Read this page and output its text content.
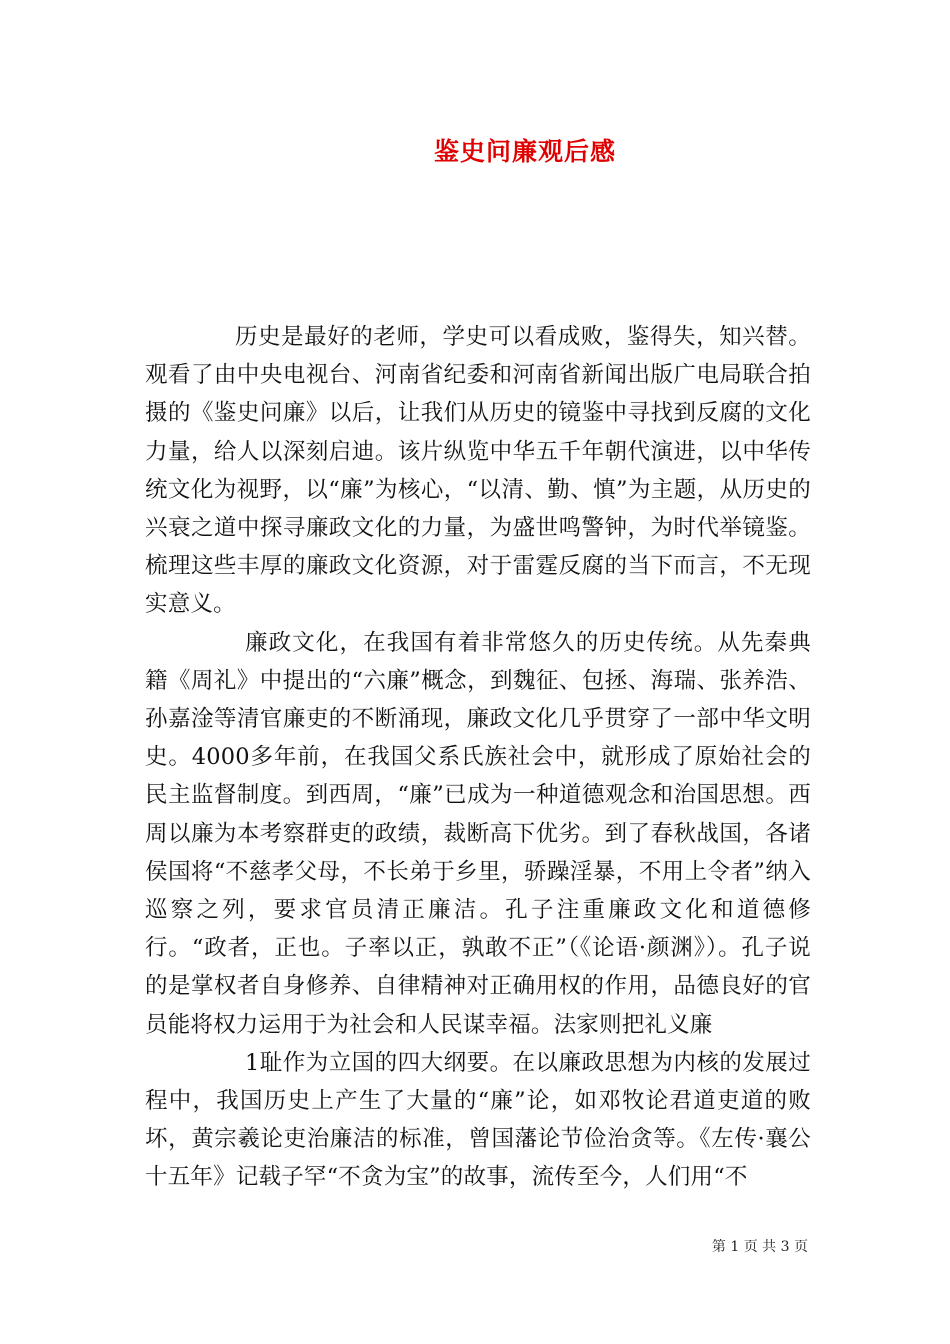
鉴史问廉观后感

历史是最好的老师，学史可以看成败，鉴得失，知兴替。观看了由中央电视台、河南省纪委和河南省新闻出版广电局联合拍摄的《鉴史问廉》以后，让我们从历史的镜鉴中寻找到反腐的文化力量，给人以深刻启迪。该片纵览中华五千年朝代演进，以中华传统文化为视野，以“廉”为核心，“以清、勤、慎”为主题，从历史的兴衰之道中探寻廉政文化的力量，为盛世鸣警钟，为时代举镜鉴。梳理这些丰厚的廉政文化资源，对于雷霆反腐的当下而言，不无现实意义。

廉政文化，在我国有着非常悠久的历史传统。从先秦典籍《周礼》中提出的“六廉”概念，到魏征、包拯、海瑞、张养浩、孙嘉淦等清官廉吏的不断涌现，廉政文化几乎贯穿了一部中华文明史。4000多年前，在我国父系氏族社会中，就形成了原始社会的民主监督制度。到西周，“廉”已成为一种道德观念和治国思想。西周以廉为本考察群吏的政绩，裁断高下优劣。到了春秋战国，各诸侯国将“不慈孝父母，不长弟于乡里，骄躁淫暴，不用上令者”纳入巡察之列，要求官员清正廉洁。孔子注重廉政文化和道德修行。“政者，正也。子率以正，孰敢不正”（《论语·颜渊》）。孔子说的是掌权者自身修养、自律精神对正确用权的作用，品德良好的官员能将权力运用于为社会和人民谋幸福。法家则把礼义廉

1耻作为立国的四大纲要。在以廉政思想为内核的发展过程中，我国历史上产生了大量的“廉”论，如邓牧论君道吏道的败坏，黄宗羲论吏治廉洁的标准，曾国藩论节俭治贪等。《左传·襄公十五年》记载子罕“不贪为宝”的故事，流传至今，人们用“不

第 1 页 共 3 页
